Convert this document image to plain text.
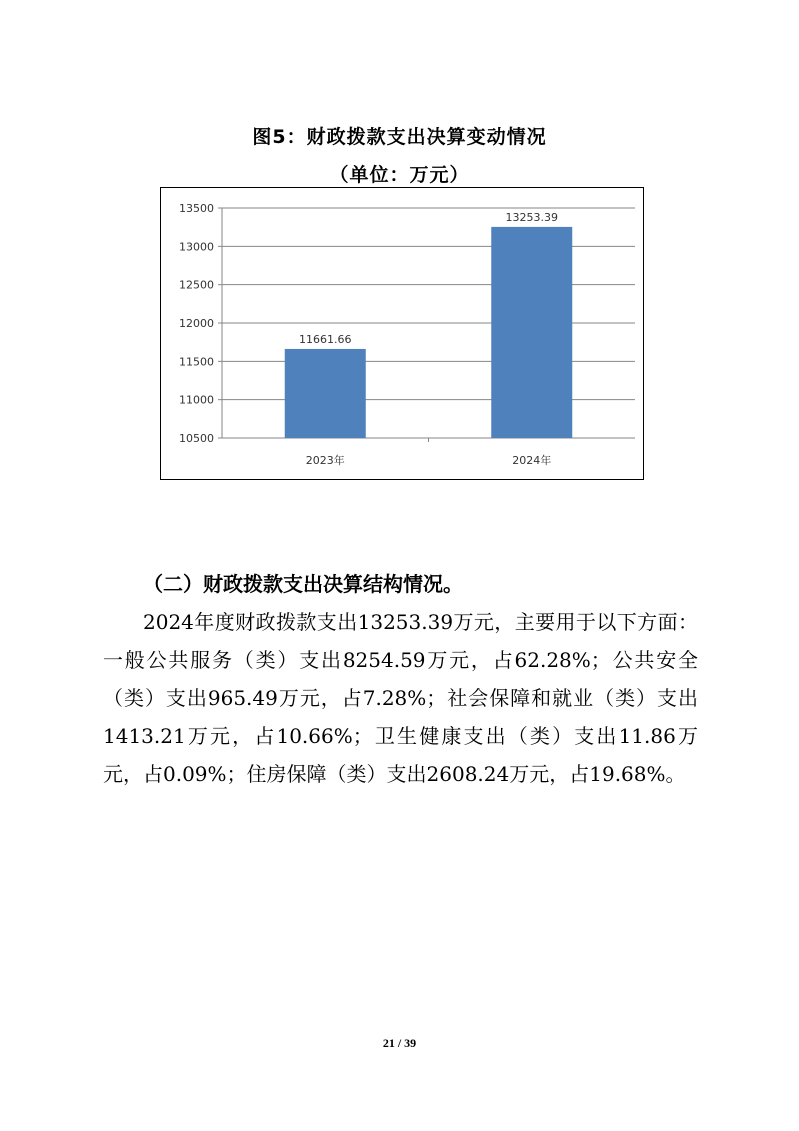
图5：财政拨款支出决算变动情况
（单位：万元）
10500
11000
11500
12000
12500
13000
13500
11661.66
2023年
13253.39
2024年
（二）财政拨款支出决算结构情况。
2024年度财政拨款支出13253.39万元，主要用于以下方面：一般公共服务（类）支出8254.59万元，占62.28%；公共安全（类）支出965.49万元，占7.28%；社会保障和就业（类）支出1413.21万元，占10.66%；卫生健康支出（类）支出11.86万元，占0.09%；住房保障（类）支出2608.24万元，占19.68%。
21 / 39
